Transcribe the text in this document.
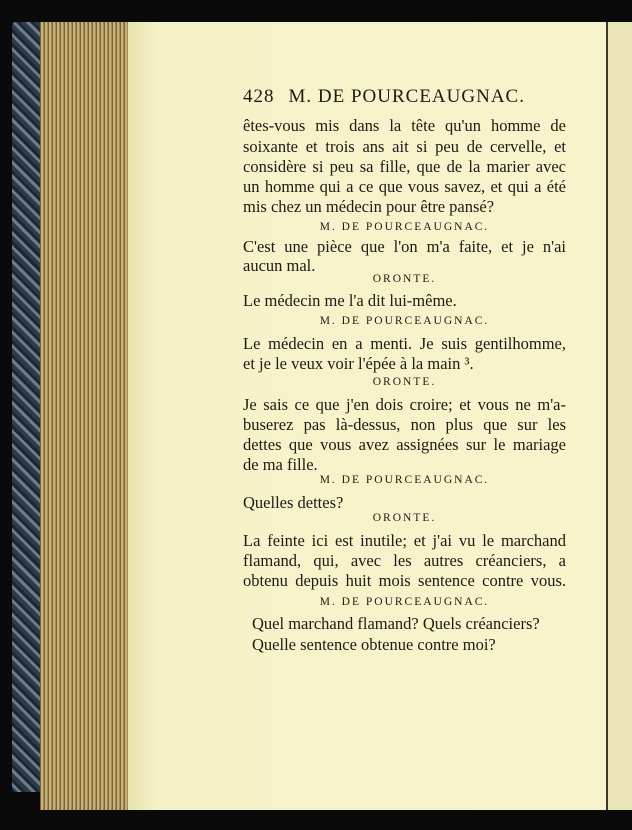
428 M. DE POURCEAUGNAC.
êtes-vous mis dans la tête qu'un homme de
soixante et trois ans ait si peu de cervelle, et
considère si peu sa fille, que de la marier avec
un homme qui a ce que vous savez, et qui a été
mis chez un médecin pour être pansé?
M. DE POURCEAUGNAC.
C'est une pièce que l'on m'a faite, et je n'ai
aucun mal.
ORONTE.
Le médecin me l'a dit lui-même.
M. DE POURCEAUGNAC.
Le médecin en a menti. Je suis gentilhomme,
et je le veux voir l'épée à la main ³.
ORONTE.
Je sais ce que j'en dois croire; et vous ne m'a-
buserez pas là-dessus, non plus que sur les
dettes que vous avez assignées sur le mariage
de ma fille.
M. DE POURCEAUGNAC.
Quelles dettes?
ORONTE.
La feinte ici est inutile; et j'ai vu le marchand
flamand, qui, avec les autres créanciers, a
obtenu depuis huit mois sentence contre vous.
M. DE POURCEAUGNAC.
Quel marchand flamand? Quels créanciers?
Quelle sentence obtenue contre moi?
